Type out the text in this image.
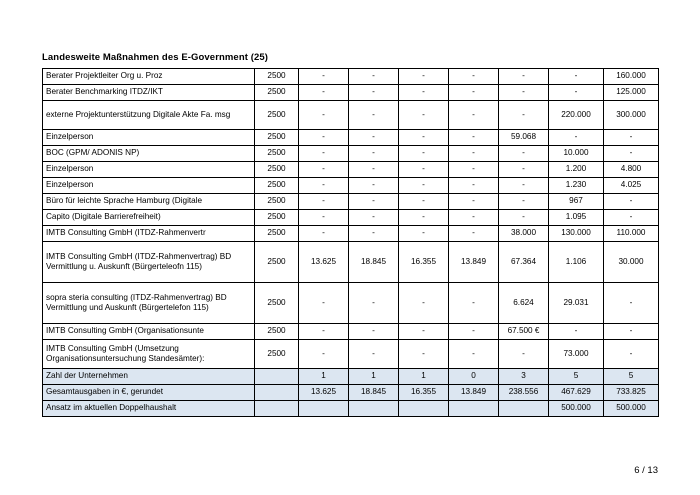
Landesweite Maßnahmen des E-Government (25)
Berater Projektleiter Org u. Proz	2500	-	-	-	-	-	-	160.000
Berater Benchmarking ITDZ/IKT	2500	-	-	-	-	-	-	125.000
externe Projektunterstützung Digitale Akte Fa. msg	2500	-	-	-	-	-	220.000	300.000
Einzelperson	2500	-	-	-	-	59.068	-	-
BOC (GPM/ ADONIS NP)	2500	-	-	-	-	-	10.000	-
Einzelperson	2500	-	-	-	-	-	1.200	4.800
Einzelperson	2500	-	-	-	-	-	1.230	4.025
Büro für leichte Sprache Hamburg (Digitale	2500	-	-	-	-	-	967	-
Capito (Digitale Barrierefreiheit)	2500	-	-	-	-	-	1.095	-
IMTB Consulting GmbH (ITDZ-Rahmenvertr	2500	-	-	-	-	38.000	130.000	110.000
IMTB Consulting GmbH (ITDZ-Rahmenvertrag) BD Vermittlung u. Auskunft (Bürgerteleofn 115)	2500	13.625	18.845	16.355	13.849	67.364	1.106	30.000
sopra steria consulting (ITDZ-Rahmenvertrag) BD Vermittlung und Auskunft (Bürgertelefon 115)	2500	-	-	-	-	6.624	29.031	-
IMTB Consulting GmbH (Organisationsunte	2500	-	-	-	-	67.500 €	-	-
IMTB Consulting GmbH (Umsetzung Organisationsuntersuchung Standesämter):	2500	-	-	-	-	-	73.000	-
Zahl der Unternehmen		1	1	1	0	3	5	5
Gesamtausgaben in €, gerundet		13.625	18.845	16.355	13.849	238.556	467.629	733.825
Ansatz im aktuellen Doppelhaushalt							500.000	500.000
6 / 13
